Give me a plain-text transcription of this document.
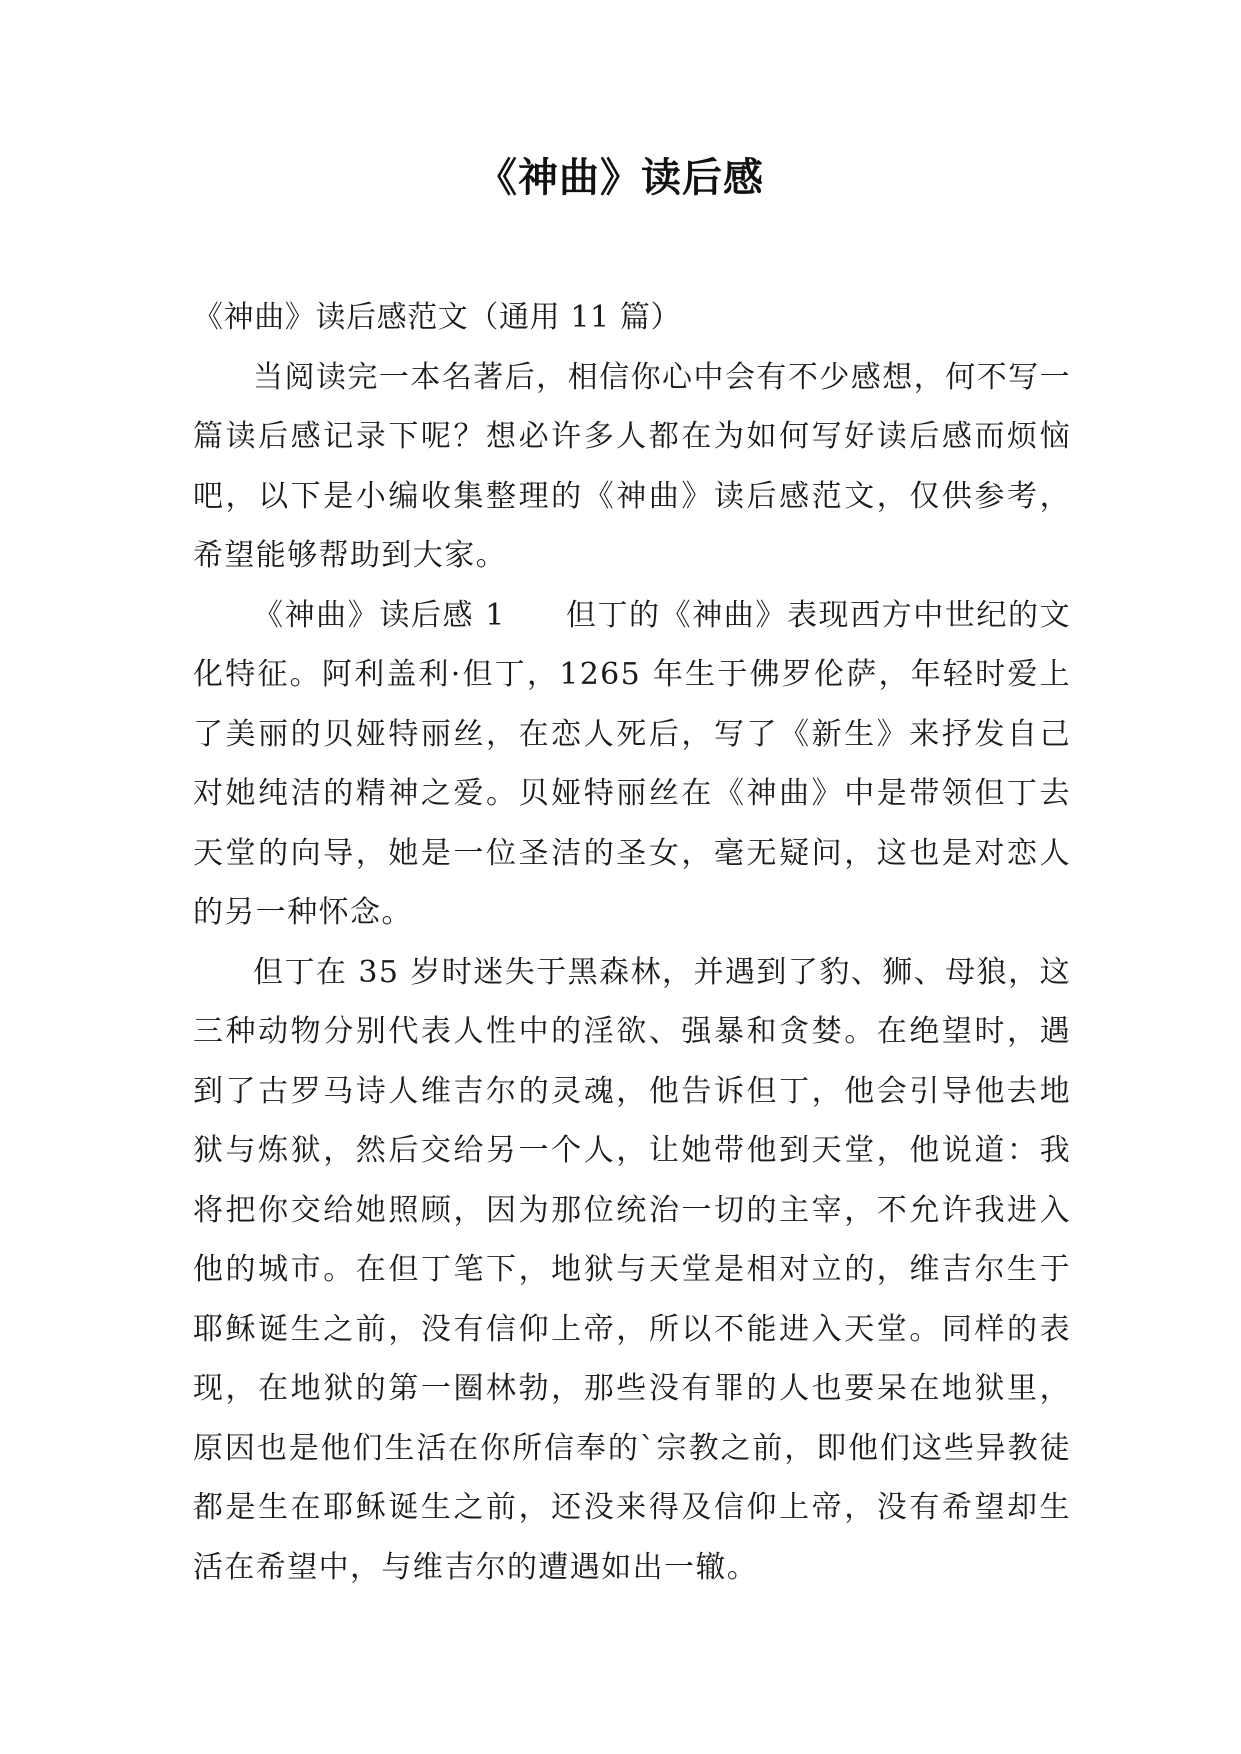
《神曲》读后感

《神曲》读后感范文（通用 11 篇）

当阅读完一本名著后，相信你心中会有不少感想，何不写一篇读后感记录下呢？想必许多人都在为如何写好读后感而烦恼吧，以下是小编收集整理的《神曲》读后感范文，仅供参考，希望能够帮助到大家。

《神曲》读后感 1 但丁的《神曲》表现西方中世纪的文化特征。阿利盖利·但丁，1265 年生于佛罗伦萨，年轻时爱上了美丽的贝娅特丽丝，在恋人死后，写了《新生》来抒发自己对她纯洁的精神之爱。贝娅特丽丝在《神曲》中是带领但丁去天堂的向导，她是一位圣洁的圣女，毫无疑问，这也是对恋人的另一种怀念。

但丁在 35 岁时迷失于黑森林，并遇到了豹、狮、母狼，这三种动物分别代表人性中的淫欲、强暴和贪婪。在绝望时，遇到了古罗马诗人维吉尔的灵魂，他告诉但丁，他会引导他去地狱与炼狱，然后交给另一个人，让她带他到天堂，他说道：我将把你交给她照顾，因为那位统治一切的主宰，不允许我进入他的城市。在但丁笔下，地狱与天堂是相对立的，维吉尔生于耶稣诞生之前，没有信仰上帝，所以不能进入天堂。同样的表现，在地狱的第一圈林勃，那些没有罪的人也要呆在地狱里，原因也是他们生活在你所信奉的`宗教之前，即他们这些异教徒都是生在耶稣诞生之前，还没来得及信仰上帝，没有希望却生活在希望中，与维吉尔的遭遇如出一辙。
